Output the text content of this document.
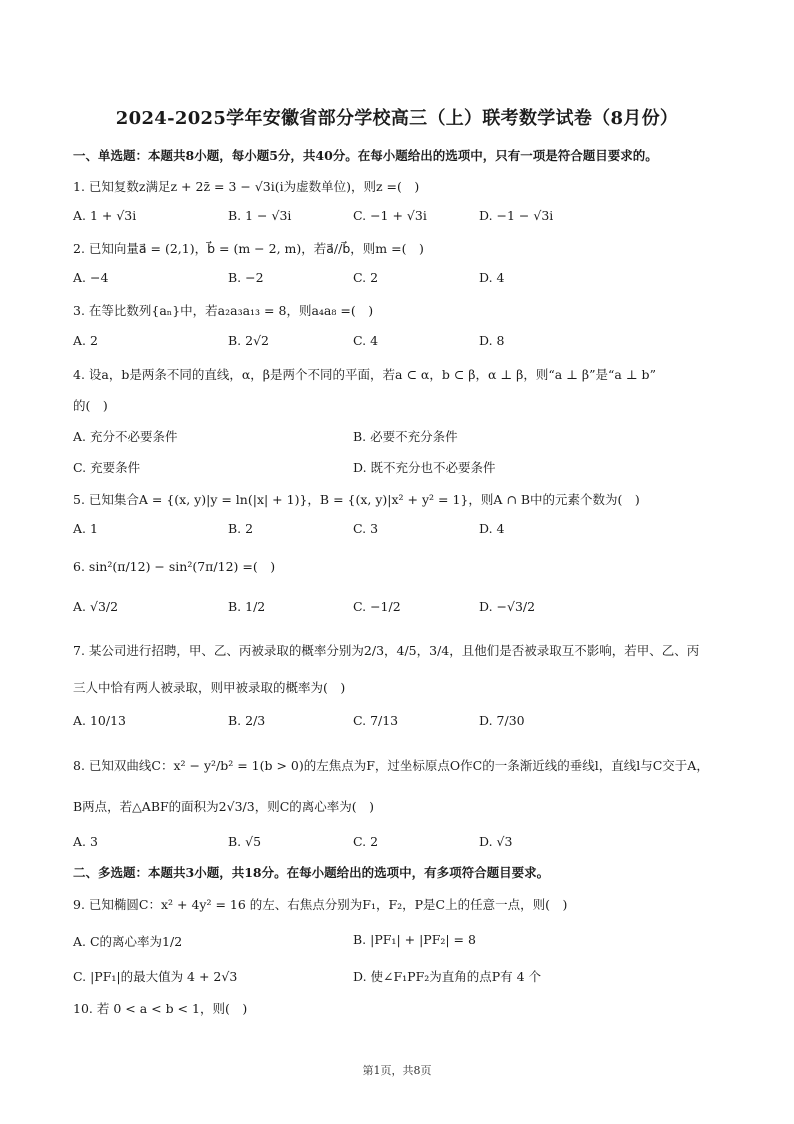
2024-2025学年安徽省部分学校高三（上）联考数学试卷（8月份）
一、单选题：本题共8小题，每小题5分，共40分。在每小题给出的选项中，只有一项是符合题目要求的。
1. 已知复数z满足z + 2z̄ = 3 − √3i(i为虚数单位)，则z =(　)
A. 1 + √3i	B. 1 − √3i	C. −1 + √3i	D. −1 − √3i
2. 已知向量a⃗ = (2,1)，b⃗ = (m − 2, m)，若a⃗//b⃗，则m =(　)
A. −4	B. −2	C. 2	D. 4
3. 在等比数列{aₙ}中，若a₂a₃a₁₃ = 8，则a₄a₈ =(　)
A. 2	B. 2√2	C. 4	D. 8
4. 设a，b是两条不同的直线，α，β是两个不同的平面，若a ⊂ α，b ⊂ β，α ⊥ β，则“a ⊥ β”是“a ⊥ b”
的(　)
A. 充分不必要条件	B. 必要不充分条件
C. 充要条件	D. 既不充分也不必要条件
5. 已知集合A = {(x, y)|y = ln(|x| + 1)}，B = {(x, y)|x² + y² = 1}，则A ∩ B中的元素个数为(　)
A. 1	B. 2	C. 3	D. 4
6. sin²(π/12) − sin²(7π/12) =(　)
A. √3/2	B. 1/2	C. −1/2	D. −√3/2
7. 某公司进行招聘，甲、乙、丙被录取的概率分别为2/3，4/5，3/4，且他们是否被录取互不影响，若甲、乙、丙
三人中恰有两人被录取，则甲被录取的概率为(　)
A. 10/13	B. 2/3	C. 7/13	D. 7/30
8. 已知双曲线C：x² − y²/b² = 1(b > 0)的左焦点为F，过坐标原点O作C的一条渐近线的垂线l，直线l与C交于A，
B两点，若△ABF的面积为2√3/3，则C的离心率为(　)
A. 3	B. √5	C. 2	D. √3
二、多选题：本题共3小题，共18分。在每小题给出的选项中，有多项符合题目要求。
9. 已知椭圆C：x² + 4y² = 16 的左、右焦点分别为F₁，F₂，P是C上的任意一点，则(　)
A. C的离心率为1/2	B. |PF₁| + |PF₂| = 8
C. |PF₁|的最大值为 4 + 2√3	D. 使∠F₁PF₂为直角的点P有 4 个
10. 若 0 < a < b < 1，则(　)
第1页，共8页
